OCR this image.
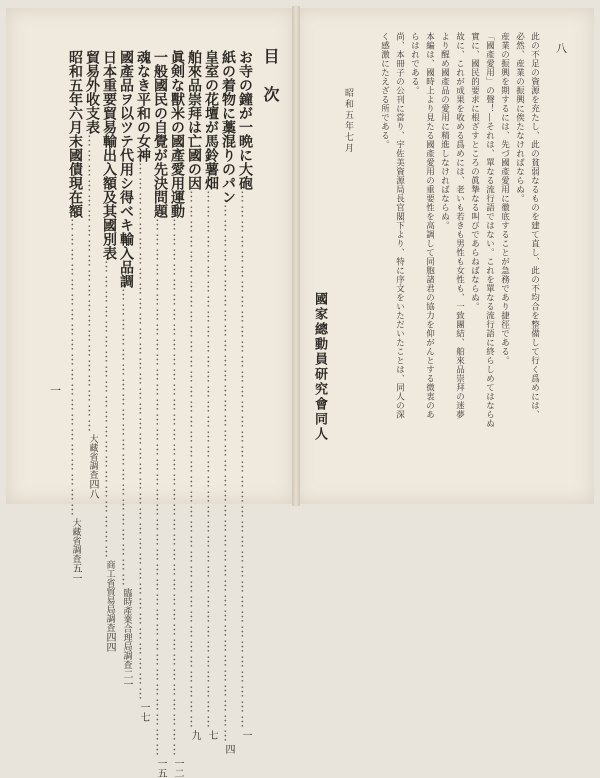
八
此の不足の資源を充たし、此の貧弱なるものを建て直し、此の不均合を整備して行く爲めには、
必然、産業の振興に俟たなければならぬ。
産業の振興を期するには、先づ國產愛用に徹底することが急務であり捷徑である。
「國產愛用」の聲！―それは、單なる流行語ではない。これを單なる流行語に終らしめてはならぬ
實に、國民的要求に根ざすところの眞摯なる叫びであらねばならぬ。
故に、これが成果を收める爲めには、老いも若きも男性も女性も、一致團結、舶來品崇拜の迷夢
より醒め國產品の愛用に精進しなければならぬ。
本編は、國時上より見たる國產愛用の重要性を高調して同胞諸君の協力を仰がんとする微衷のあ
らはれである。
尚、本冊子の公刊に當り、宇佐美資源局長官閣下より、特に序文をいただいたことは、同人の深
く感激にたえざる所である。
昭和五年七月
國家總動員研究會同人
目次
お寺の鐘が一晩に大砲
………………………………………………………………………………………………
一
紙の着物に藁混りのパン
………………………………………………………………………………………………
四
皇室の花壇が馬鈴薯畑
………………………………………………………………………………………………
七
舶來品崇拜は亡國の因
………………………………………………………………………………………………
九
眞剣な獸米の國產愛用運動
………………………………………………………………………………………………
一二
一般國民の自覺が先決問題
………………………………………………………………………………………………
一五
魂なき平和の女神
………………………………………………………………………………………………
一七
國產品ヲ以ツテ代用シ得ベキ輸入品調
……………………………………………………
臨時產業合理局調査
二一
日本重要貿易輸出入額及其國別表
……………………………………………………
商工省貿易局調査
四四
貿易外收支表
……………………………………………………
大藏省調査
四八
昭和五年六月末國債現在額
……………………………………………………
大藏省調査
五一
一
